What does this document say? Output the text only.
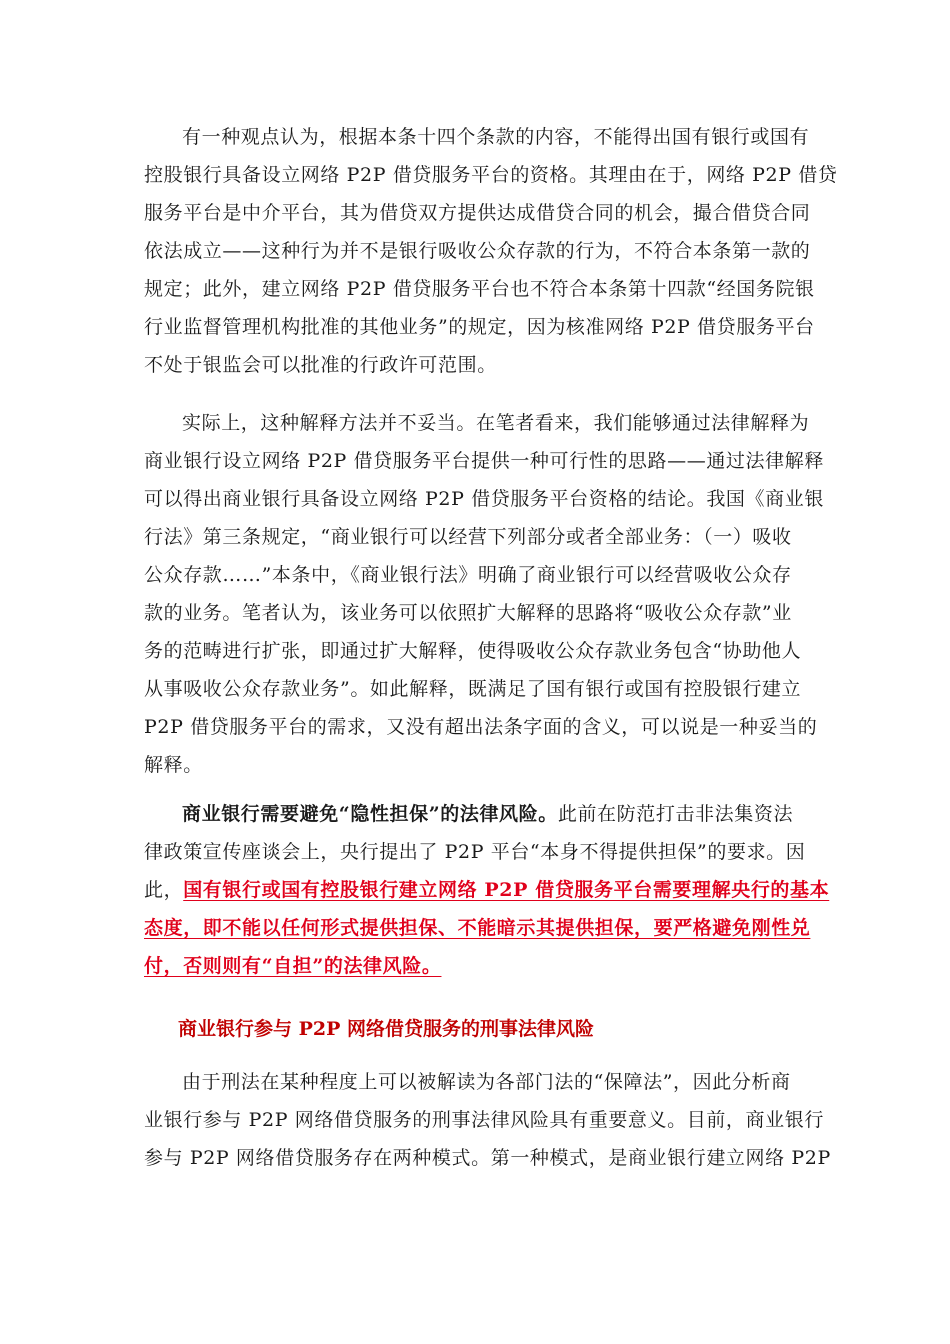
有一种观点认为，根据本条十四个条款的内容，不能得出国有银行或国有
控股银行具备设立网络 P2P 借贷服务平台的资格。其理由在于，网络 P2P 借贷
服务平台是中介平台，其为借贷双方提供达成借贷合同的机会，撮合借贷合同
依法成立——这种行为并不是银行吸收公众存款的行为，不符合本条第一款的
规定；此外，建立网络 P2P 借贷服务平台也不符合本条第十四款“经国务院银
行业监督管理机构批准的其他业务”的规定，因为核准网络 P2P 借贷服务平台
不处于银监会可以批准的行政许可范围。
实际上，这种解释方法并不妥当。在笔者看来，我们能够通过法律解释为
商业银行设立网络 P2P 借贷服务平台提供一种可行性的思路——通过法律解释
可以得出商业银行具备设立网络 P2P 借贷服务平台资格的结论。我国《商业银
行法》第三条规定，“商业银行可以经营下列部分或者全部业务：（一）吸收
公众存款……”本条中，《商业银行法》明确了商业银行可以经营吸收公众存
款的业务。笔者认为，该业务可以依照扩大解释的思路将“吸收公众存款”业
务的范畴进行扩张，即通过扩大解释，使得吸收公众存款业务包含“协助他人
从事吸收公众存款业务”。如此解释，既满足了国有银行或国有控股银行建立
P2P 借贷服务平台的需求，又没有超出法条字面的含义，可以说是一种妥当的
解释。
商业银行需要避免“隐性担保”的法律风险。此前在防范打击非法集资法
律政策宣传座谈会上，央行提出了 P2P 平台“本身不得提供担保”的要求。因
此，国有银行或国有控股银行建立网络 P2P 借贷服务平台需要理解央行的基本
态度，即不能以任何形式提供担保、不能暗示其提供担保，要严格避免刚性兑
付，否则则有“自担”的法律风险。
商业银行参与 P2P 网络借贷服务的刑事法律风险
由于刑法在某种程度上可以被解读为各部门法的“保障法”，因此分析商
业银行参与 P2P 网络借贷服务的刑事法律风险具有重要意义。目前，商业银行
参与 P2P 网络借贷服务存在两种模式。第一种模式，是商业银行建立网络 P2P
